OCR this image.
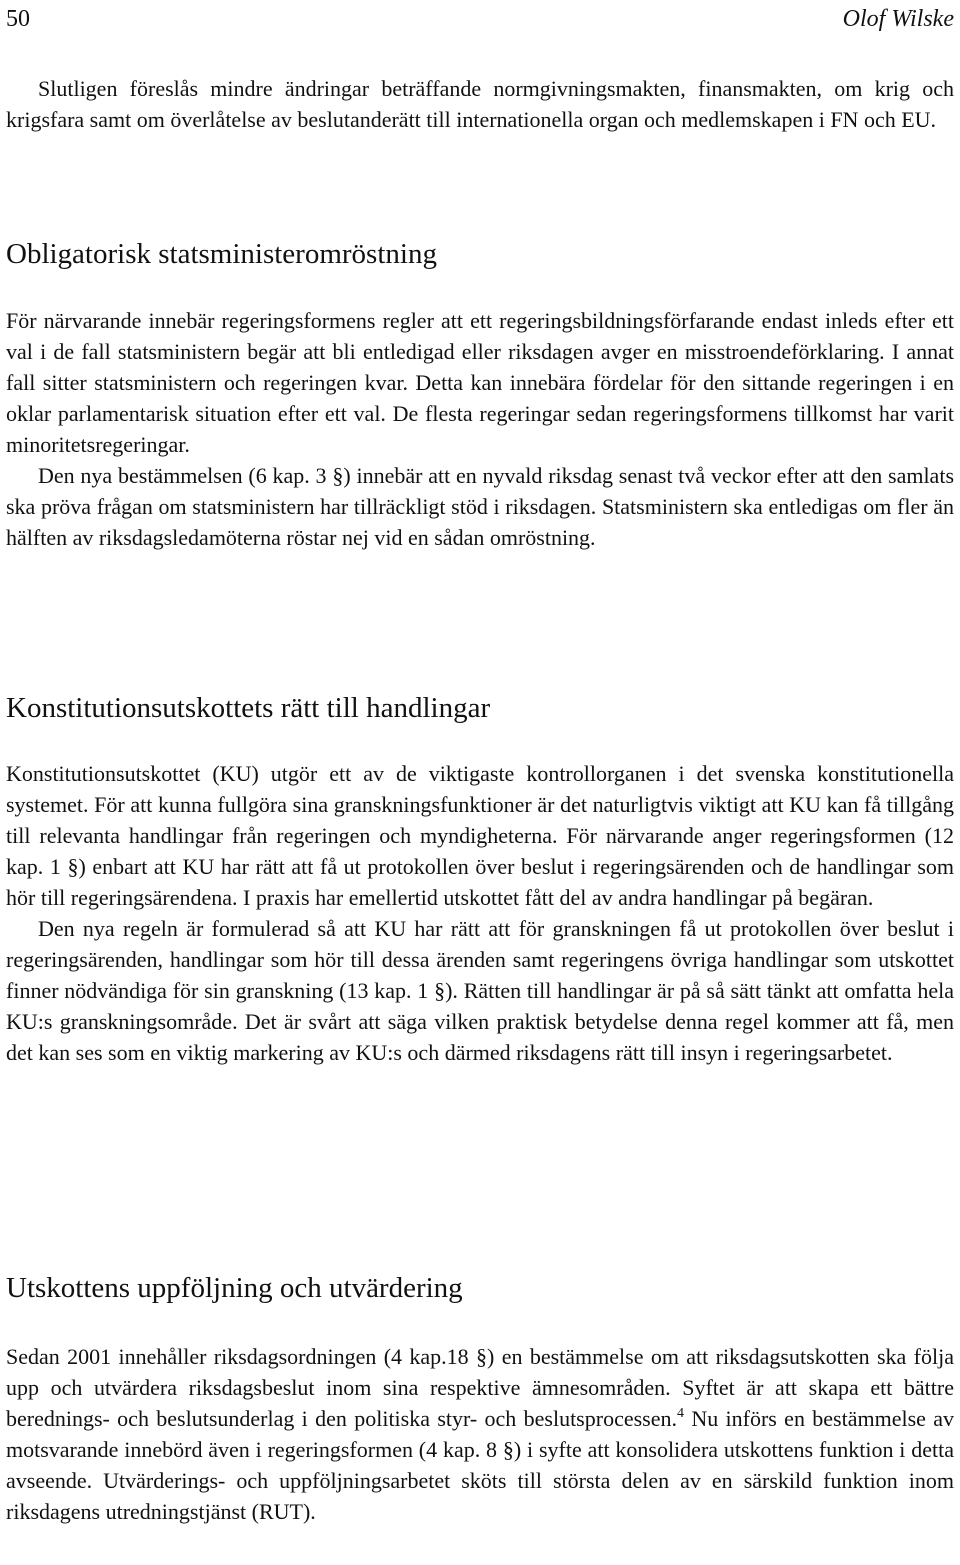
50	Olof Wilske

Slutligen föreslås mindre ändringar beträffande normgivningsmakten, finansmakten, om krig och krigsfara samt om överlåtelse av beslutanderätt till internationella organ och medlemskapen i FN och EU.

Obligatorisk statsministeromröstning

För närvarande innebär regeringsformens regler att ett regeringsbildningsförfarande endast inleds efter ett val i de fall statsministern begär att bli entledigad eller riksdagen avger en misstroendeförklaring. I annat fall sitter statsministern och regeringen kvar. Detta kan innebära fördelar för den sittande regeringen i en oklar parlamentarisk situation efter ett val. De flesta regeringar sedan regeringsformens tillkomst har varit minoritetsregeringar.

Den nya bestämmelsen (6 kap. 3 §) innebär att en nyvald riksdag senast två veckor efter att den samlats ska pröva frågan om statsministern har tillräckligt stöd i riksdagen. Statsministern ska entledigas om fler än hälften av riksdagsledamöterna röstar nej vid en sådan omröstning.

Konstitutionsutskottets rätt till handlingar

Konstitutionsutskottet (KU) utgör ett av de viktigaste kontrollorganen i det svenska konstitutionella systemet. För att kunna fullgöra sina granskningsfunktioner är det naturligtvis viktigt att KU kan få tillgång till relevanta handlingar från regeringen och myndigheterna. För närvarande anger regeringsformen (12 kap. 1 §) enbart att KU har rätt att få ut protokollen över beslut i regeringsärenden och de handlingar som hör till regeringsärendena. I praxis har emellertid utskottet fått del av andra handlingar på begäran.

Den nya regeln är formulerad så att KU har rätt att för granskningen få ut protokollen över beslut i regeringsärenden, handlingar som hör till dessa ärenden samt regeringens övriga handlingar som utskottet finner nödvändiga för sin granskning (13 kap. 1 §). Rätten till handlingar är på så sätt tänkt att omfatta hela KU:s granskningsområde. Det är svårt att säga vilken praktisk betydelse denna regel kommer att få, men det kan ses som en viktig markering av KU:s och därmed riksdagens rätt till insyn i regeringsarbetet.

Utskottens uppföljning och utvärdering

Sedan 2001 innehåller riksdagsordningen (4 kap.18 §) en bestämmelse om att riksdagsutskotten ska följa upp och utvärdera riksdagsbeslut inom sina respektive ämnesområden. Syftet är att skapa ett bättre berednings- och beslutsunderlag i den politiska styr- och beslutsprocessen.$^4$ Nu införs en bestämmelse av motsvarande innebörd även i regeringsformen (4 kap. 8 §) i syfte att konsolidera utskottens funktion i detta avseende. Utvärderings- och uppföljningsarbetet sköts till största delen av en särskild funktion inom riksdagens utredningstjänst (RUT).
